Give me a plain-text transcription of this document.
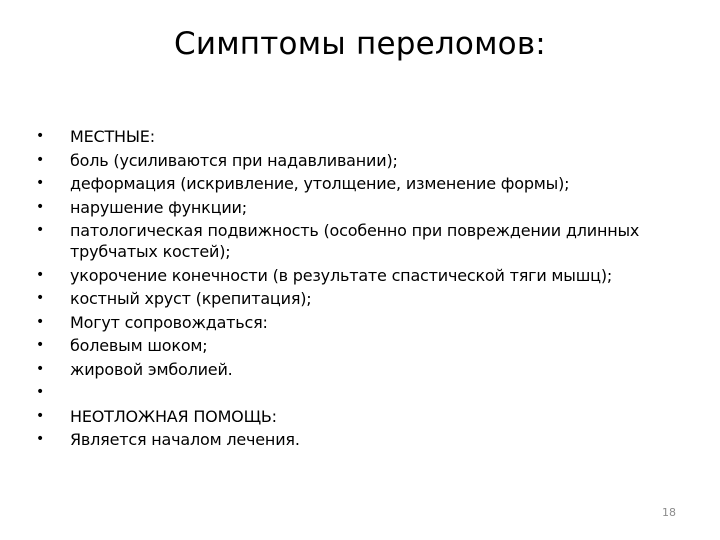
Симптомы переломов:
• МЕСТНЫЕ:
• боль (усиливаются при надавливании);
• деформация (искривление, утолщение, изменение формы);
• нарушение функции;
• патологическая подвижность (особенно при повреждении длинных трубчатых костей);
• укорочение конечности (в результате спастической тяги мышц);
• костный хруст (крепитация);
• Могут сопровождаться:
• болевым шоком;
• жировой эмболией.
•
• НЕОТЛОЖНАЯ ПОМОЩЬ:
• Является началом лечения.
18
